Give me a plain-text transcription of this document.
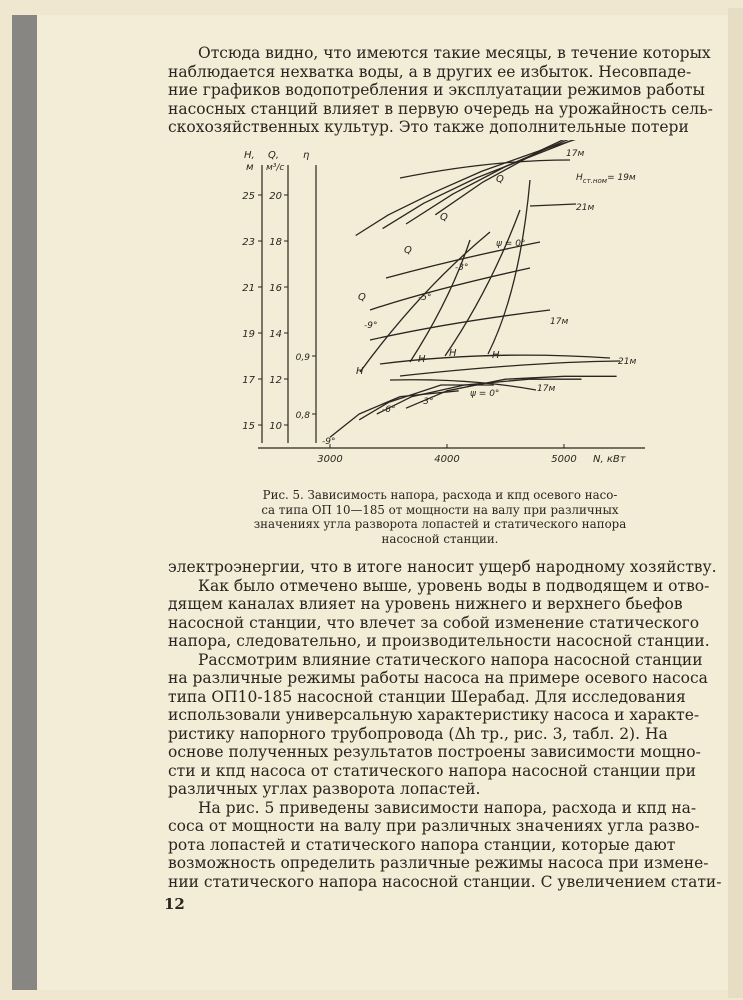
Отсюда видно, что имеются такие месяцы, в течение которых
наблюдается нехватка воды, а в других ее избыток. Несовпаде-
ние графиков водопотребления и эксплуатации режимов работы
насосных станций влияет в первую очередь на урожайность сель-
скохозяйственных культур. Это также дополнительные потери
25
23
21
19
17
15
20
18
16
14
12
10
0,9
0,8
3000	4000	5000
H,
м
Q,
м³/с
η
N, кВт
Q
Q
Q
Q
H
H	H
H
17м
$H_{ст.ном}= 19м$
21м
17м
21м
17м
ψ = 0°
-3°
-5°
-9°
ψ = 0°
-6°
-3°
-9°
Рис. 5. Зависимость напора, расхода и кпд осевого насо-
са типа ОП 10—185 от мощности на валу при различных
значениях угла разворота лопастей и статического напора
насосной станции.
электроэнергии, что в итоге наносит ущерб народному хозяйству.
Как было отмечено выше, уровень воды в подводящем и отво-
дящем каналах влияет на уровень нижнего и верхнего бьефов
насосной станции, что влечет за собой изменение статического
напора, следовательно, и производительности насосной станции.
Рассмотрим влияние статического напора насосной станции
на различные режимы работы насоса на примере осевого насоса
типа ОП10-185 насосной станции Шерабад. Для исследования
использовали универсальную характеристику насоса и характе-
ристику напорного трубопровода (Δh тр., рис. 3, табл. 2). На
основе полученных результатов построены зависимости мощно-
сти и кпд насоса от статического напора насосной станции при
различных углах разворота лопастей.
На рис. 5 приведены зависимости напора, расхода и кпд на-
соса от мощности на валу при различных значениях угла разво-
рота лопастей и статического напора станции, которые дают
возможность определить различные режимы насоса при измене-
нии статического напора насосной станции. С увеличением стати-
12
